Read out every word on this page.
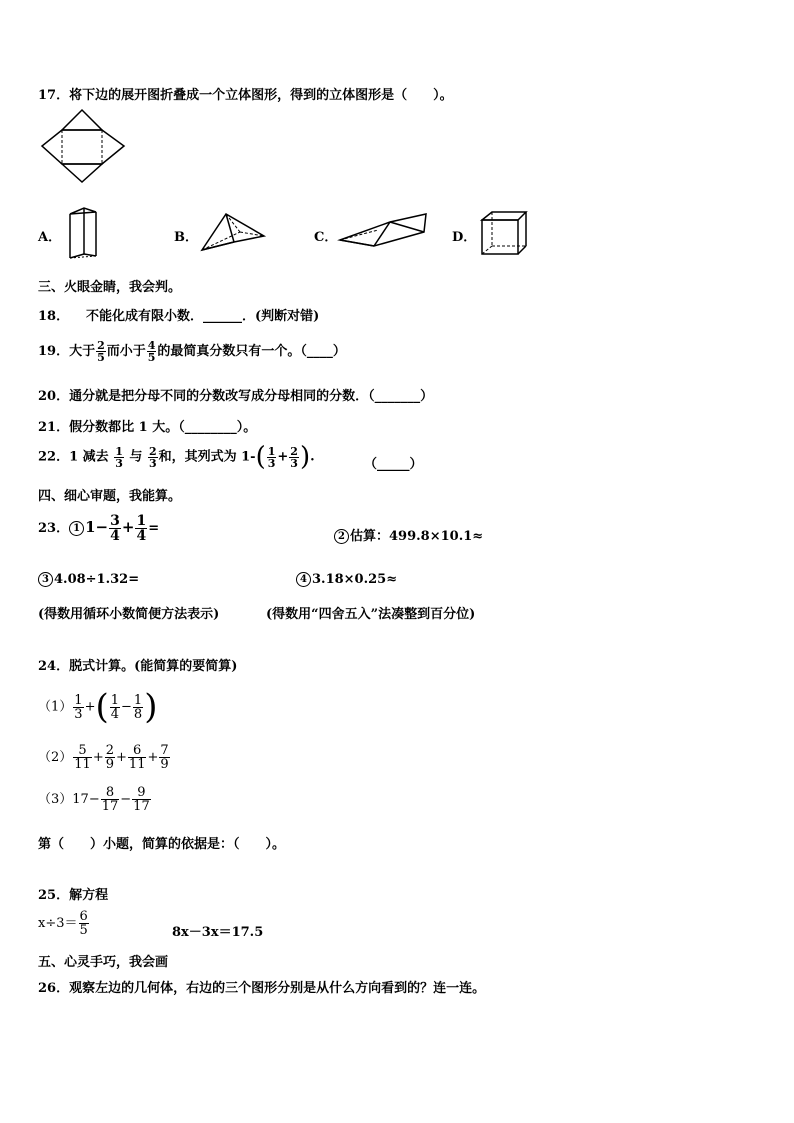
17．将下边的展开图折叠成一个立体图形，得到的立体图形是（　　）。
A．	B．	C．	D．
三、火眼金睛，我会判。
18． 不能化成有限小数．______．(判断对错)
19．大于 $\frac{2}{5}$ 而小于 $\frac{4}{5}$ 的最简真分数只有一个。（____）
20．通分就是把分母不同的分数改写成分母相同的分数．（_______）
21．假分数都比 1 大。（________）。
22．1 减去 $\frac{1}{3}$ 与 $\frac{2}{3}$ 和，其列式为 $1-( \frac{1}{3} + \frac{2}{3}$ ).	（_____）
四、细心审题，我能算。
23． 1 $1- \frac{3}{4} + \frac{1}{4}$ =
2 估算：499.8×10.1≈
3 4.08÷1.32=	4 3.18×0.25≈
(得数用循环小数简便方法表示)	(得数用“四舍五入”法凑整到百分位)
24．脱式计算。(能简算的要简算)
$(1) \frac{1}{3}$ +( $\frac{1}{4} - \frac{1}{8}$ )
$(2) \frac{5}{11} + \frac{2}{9} + \frac{6}{11} + \frac{7}{9}$
$(3)17- \frac{8}{17} - \frac{9}{17}$
第（　　）小题，简算的依据是：（　　）。
25．解方程
$x\div 3= \frac{6}{5}$	8x－3x＝17.5
五、心灵手巧，我会画
26．观察左边的几何体，右边的三个图形分别是从什么方向看到的？连一连。
